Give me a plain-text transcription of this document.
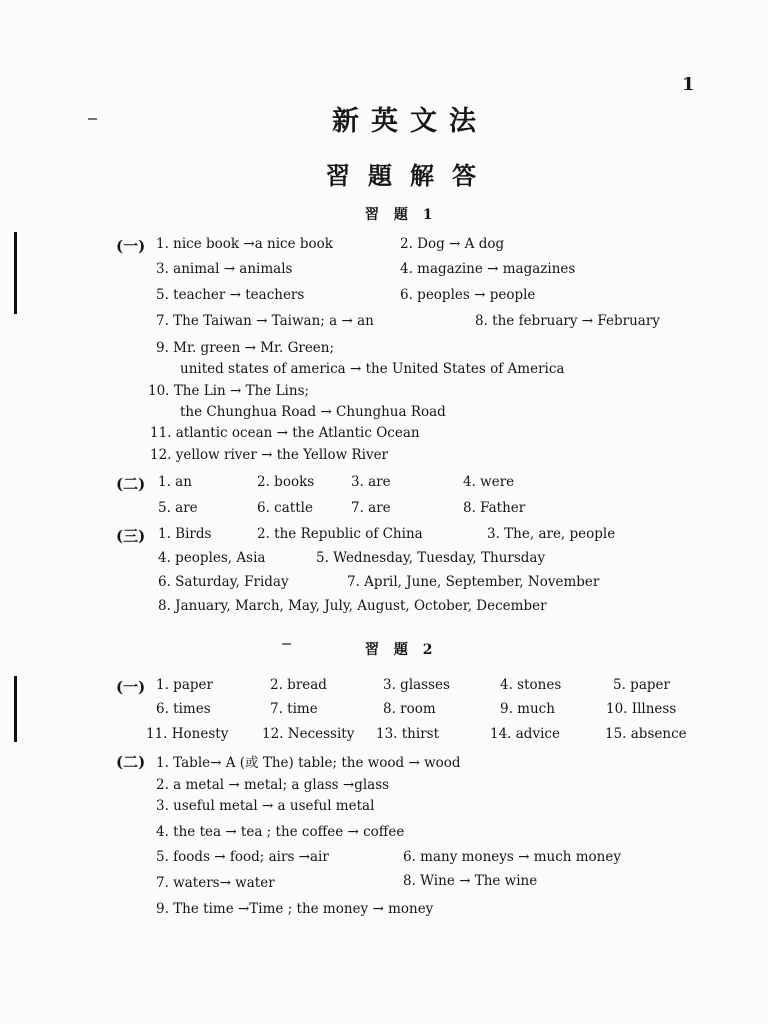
1
新英文法
習題解答
習 題 1
(一) 1. nice book →a nice book	2. Dog → A dog
3. animal → animals	4. magazine → magazines
5. teacher → teachers	6. peoples → people
7. The Taiwan → Taiwan; a → an	8. the february → February
9. Mr. green → Mr. Green;
united states of america → the United States of America
10. The Lin → The Lins;
the Chunghua Road → Chunghua Road
11. atlantic ocean → the Atlantic Ocean
12. yellow river → the Yellow River
(二) 1. an	2. books	3. are	4. were
5. are	6. cattle	7. are	8. Father
(三) 1. Birds	2. the Republic of China	3. The, are, people
4. peoples, Asia	5. Wednesday, Tuesday, Thursday
6. Saturday, Friday	7. April, June, September, November
8. January, March, May, July, August, October, December
習 題 2
(一) 1. paper	2. bread	3. glasses	4. stones	5. paper
6. times	7. time	8. room	9. much	10. Illness
11. Honesty 12. Necessity 13. thirst	14. advice	15. absence
(二) 1. Table→ A (或 The) table; the wood → wood
2. a metal → metal; a glass →glass
3. useful metal → a useful metal
4. the tea → tea ; the coffee → coffee
5. foods → food; airs →air	6. many moneys → much money
7. waters→ water	8. Wine → The wine
9. The time →Time ; the money → money
